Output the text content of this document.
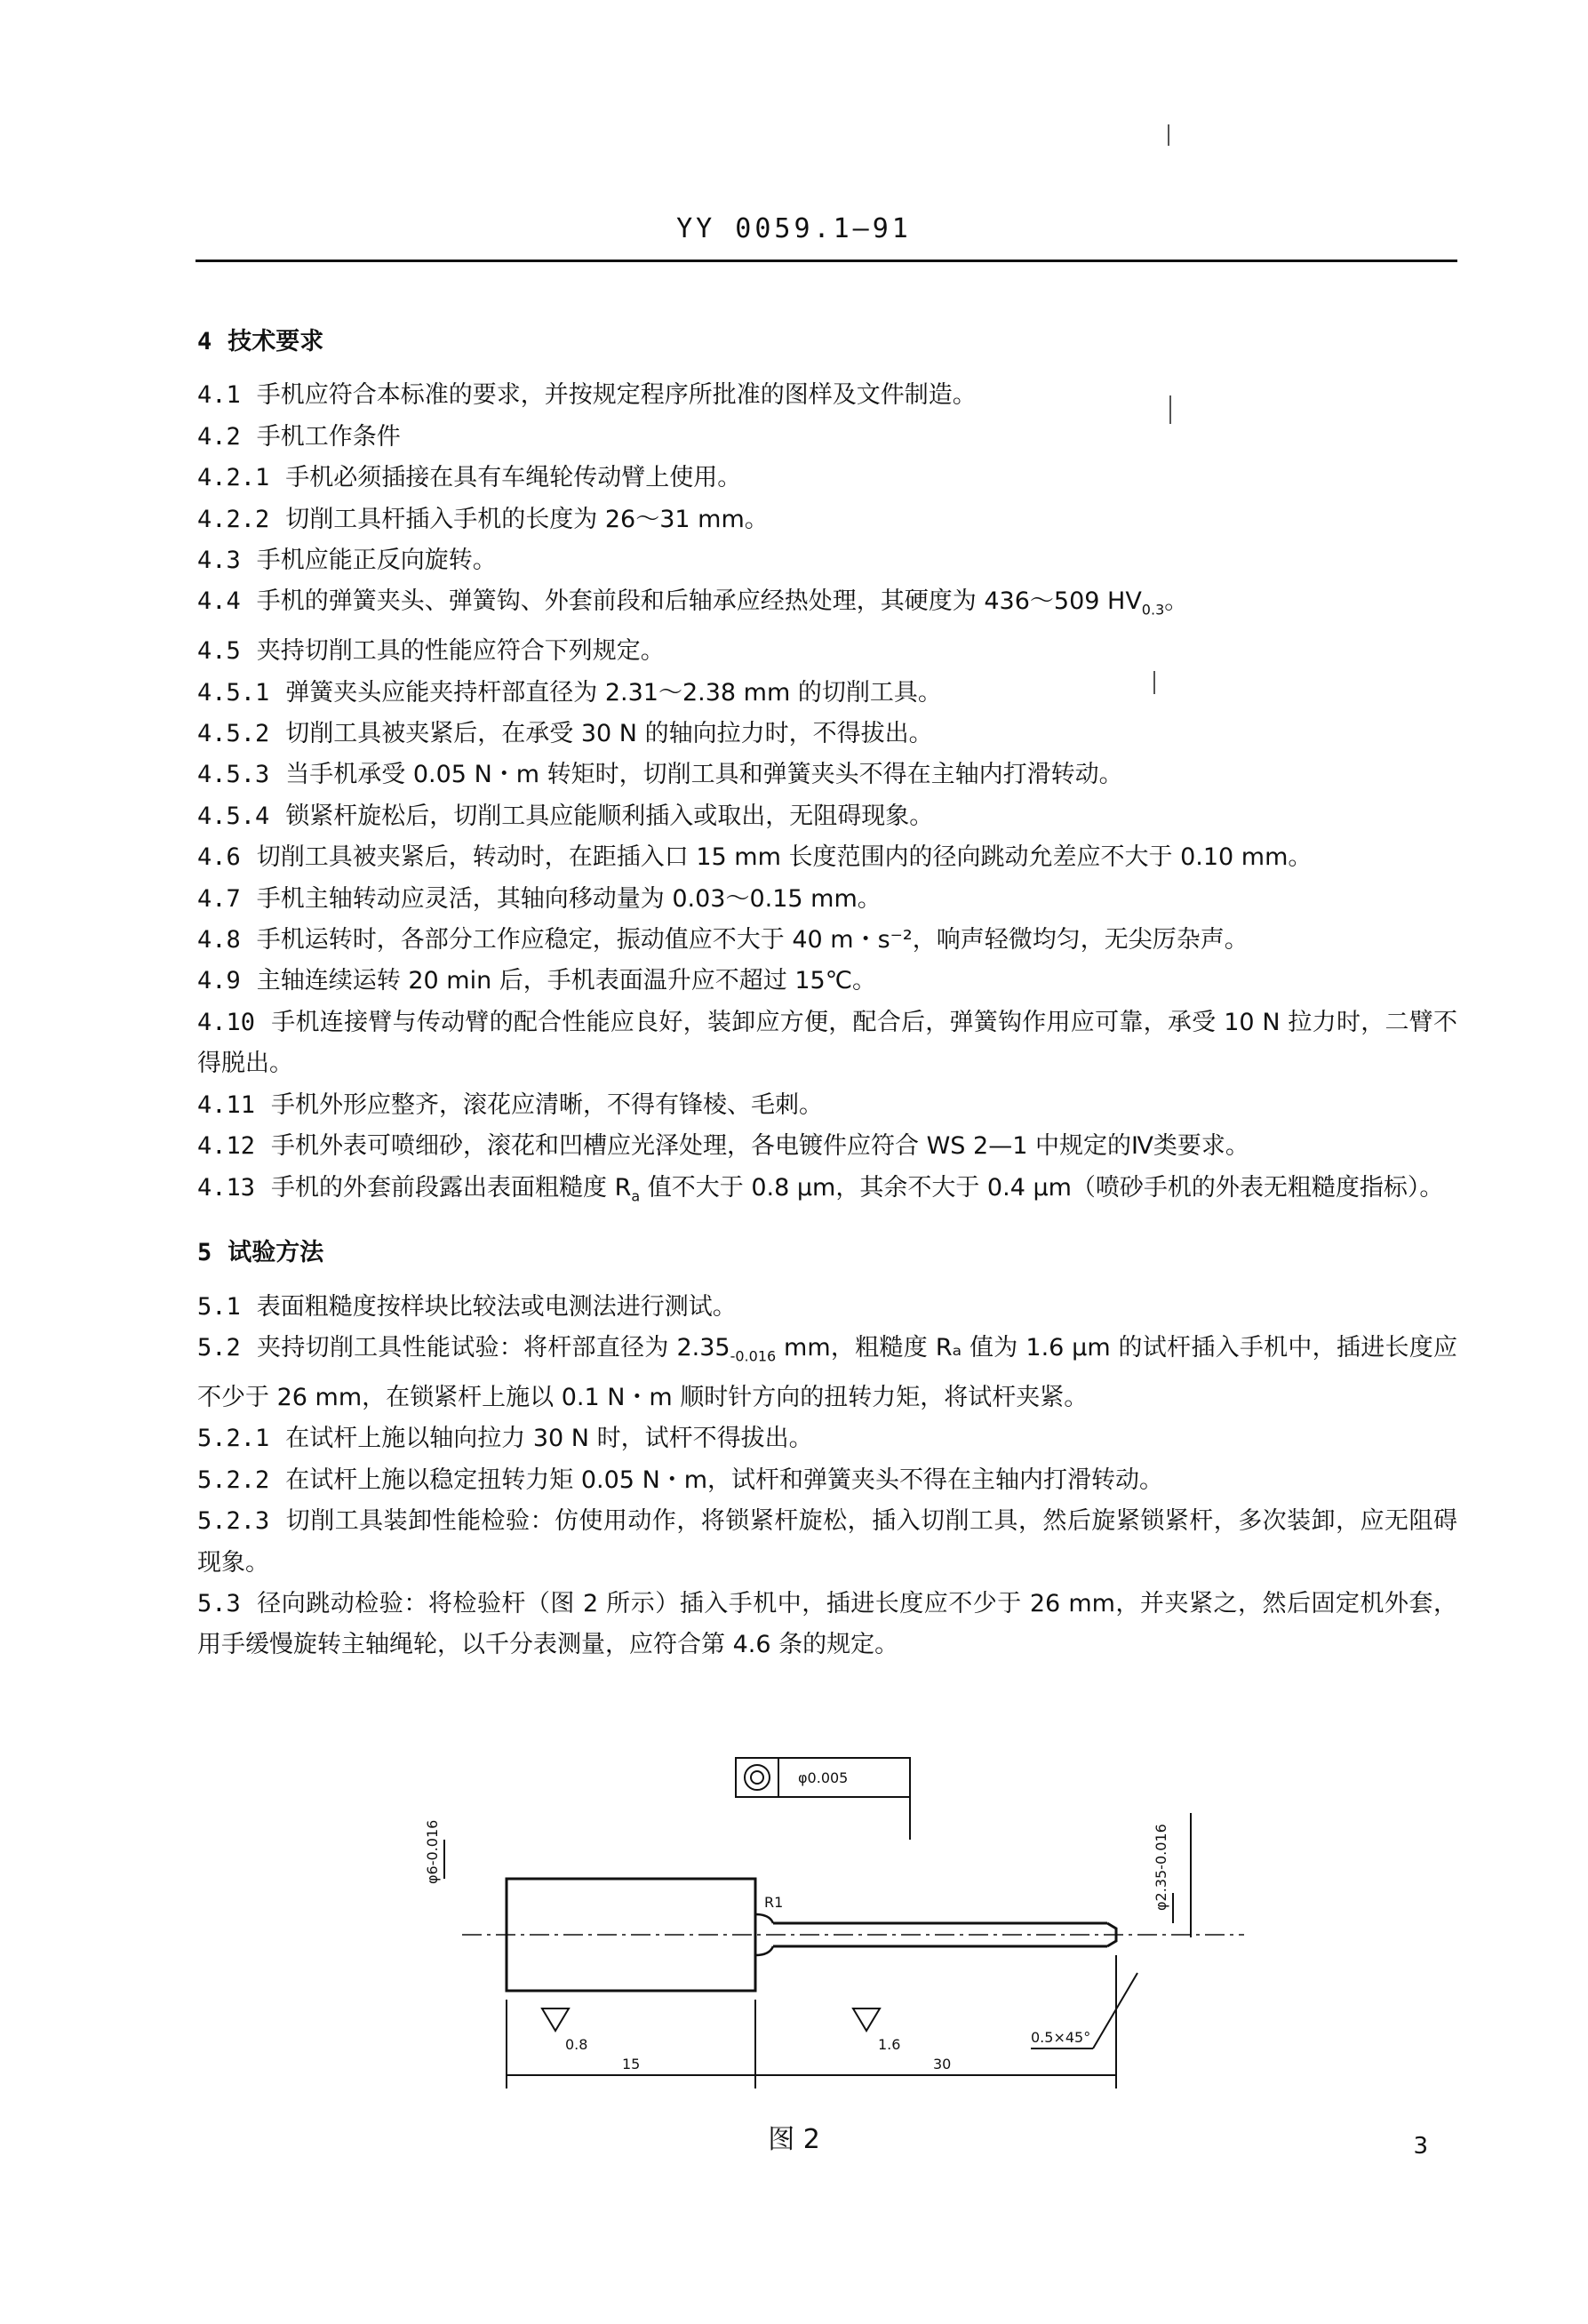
YY 0059.1—91
4 技术要求
4.1 手机应符合本标准的要求，并按规定程序所批准的图样及文件制造。
4.2 手机工作条件
4.2.1 手机必须插接在具有车绳轮传动臂上使用。
4.2.2 切削工具杆插入手机的长度为 26～31 mm。
4.3 手机应能正反向旋转。
4.4 手机的弹簧夹头、弹簧钩、外套前段和后轴承应经热处理，其硬度为 436～509 $HV_{0.3}$。
4.5 夹持切削工具的性能应符合下列规定。
4.5.1 弹簧夹头应能夹持杆部直径为 2.31～2.38 mm 的切削工具。
4.5.2 切削工具被夹紧后，在承受 30 N 的轴向拉力时，不得拔出。
4.5.3 当手机承受 0.05 N・m 转矩时，切削工具和弹簧夹头不得在主轴内打滑转动。
4.5.4 锁紧杆旋松后，切削工具应能顺利插入或取出，无阻碍现象。
4.6 切削工具被夹紧后，转动时，在距插入口 15 mm 长度范围内的径向跳动允差应不大于 0.10 mm。
4.7 手机主轴转动应灵活，其轴向移动量为 0.03～0.15 mm。
4.8 手机运转时，各部分工作应稳定，振动值应不大于 40 m・s⁻²，响声轻微均匀，无尖厉杂声。
4.9 主轴连续运转 20 min 后，手机表面温升应不超过 15℃。
4.10 手机连接臂与传动臂的配合性能应良好，装卸应方便，配合后，弹簧钩作用应可靠，承受 10 N 拉力时，二臂不得脱出。
4.11 手机外形应整齐，滚花应清晰，不得有锋棱、毛刺。
4.12 手机外表可喷细砂，滚花和凹槽应光泽处理，各电镀件应符合 WS 2—1 中规定的Ⅳ类要求。
4.13 手机的外套前段露出表面粗糙度 $R_a$ 值不大于 0.8 μm，其余不大于 0.4 μm（喷砂手机的外表无粗糙度指标）。
5 试验方法
5.1 表面粗糙度按样块比较法或电测法进行测试。
5.2 夹持切削工具性能试验：将杆部直径为 $2.35_{-0.016}$ mm，粗糙度 Rₐ 值为 1.6 μm 的试杆插入手机中，插进长度应不少于 26 mm，在锁紧杆上施以 0.1 N・m 顺时针方向的扭转力矩，将试杆夹紧。
5.2.1 在试杆上施以轴向拉力 30 N 时，试杆不得拔出。
5.2.2 在试杆上施以稳定扭转力矩 0.05 N・m，试杆和弹簧夹头不得在主轴内打滑转动。
5.2.3 切削工具装卸性能检验：仿使用动作，将锁紧杆旋松，插入切削工具，然后旋紧锁紧杆，多次装卸，应无阻碍现象。
5.3 径向跳动检验：将检验杆（图 2 所示）插入手机中，插进长度应不少于 26 mm，并夹紧之，然后固定机外套，用手缓慢旋转主轴绳轮，以千分表测量，应符合第 4.6 条的规定。
φ0.005
R1
0.8	1.6	0.5×45°
15	30
φ6-0.016	φ2.35-0.016
图 2	3
